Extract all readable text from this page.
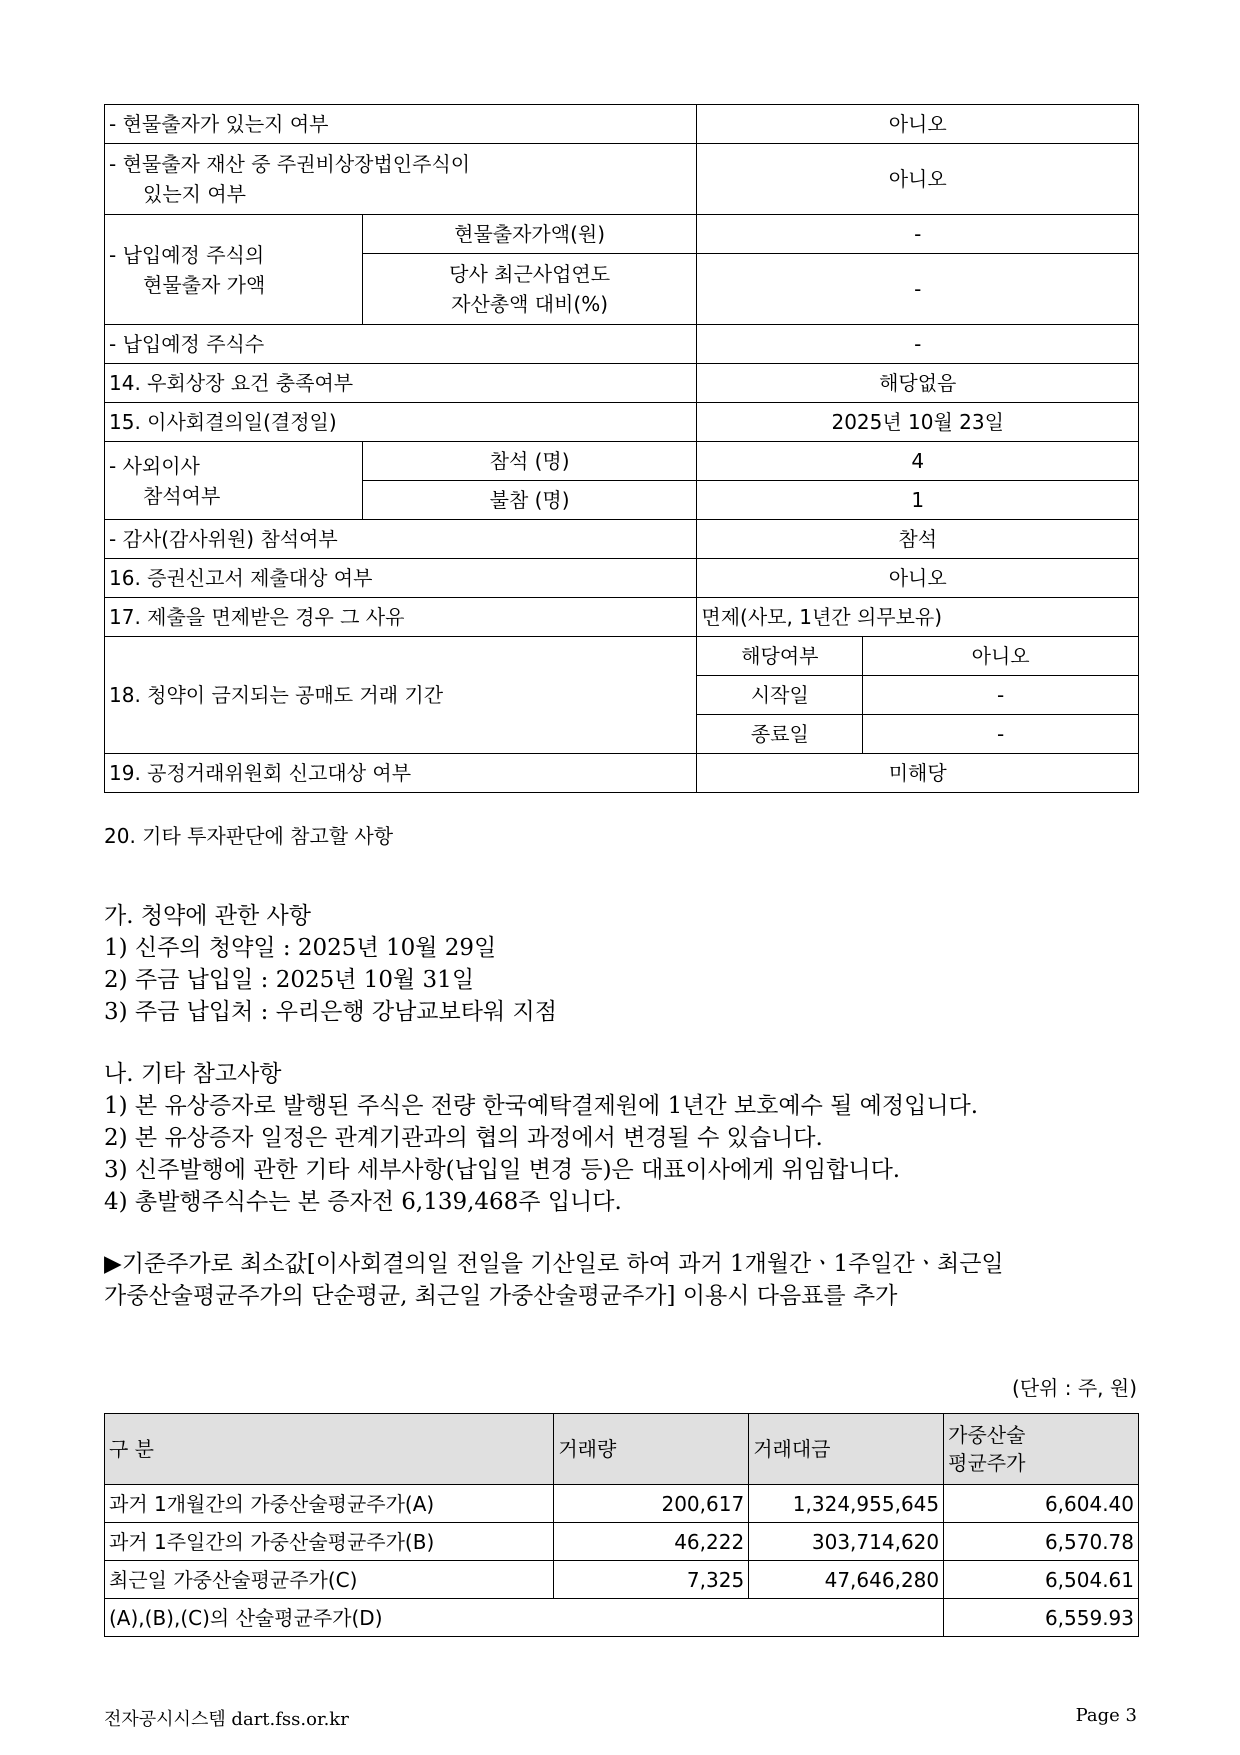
- 현물출자가 있는지 여부		아니오	
- 현물출자 재산 중 주권비상장법인주식이

있는지 여부		아니오	
- 납입예정 주식의

현물출자 가액	현물출자가액(원)	-	
	당사 최근사업연도
자산총액 대비(%)	-	
- 납입예정 주식수		-	
14. 우회상장 요건 충족여부		해당없음	
15. 이사회결의일(결정일)		2025년 10월 23일	
- 사외이사

참석여부	참석 (명)	4	
	불참 (명)	1	
- 감사(감사위원) 참석여부		참석	
16. 증권신고서 제출대상 여부		아니오	
17. 제출을 면제받은 경우 그 사유		면제(사모, 1년간 의무보유)	
18. 청약이 금지되는 공매도 거래 기간		해당여부	아니오
		시작일	-
		종료일	-
19. 공정거래위원회 신고대상 여부		미해당	
20. 기타 투자판단에 참고할 사항

가. 청약에 관한 사항

1) 신주의 청약일 : 2025년 10월 29일

2) 주금 납입일 : 2025년 10월 31일

3) 주금 납입처 : 우리은행 강남교보타워 지점

나. 기타 참고사항

1) 본 유상증자로 발행된 주식은 전량 한국예탁결제원에 1년간 보호예수 될 예정입니다.

2) 본 유상증자 일정은 관계기관과의 협의 과정에서 변경될 수 있습니다.

3) 신주발행에 관한 기타 세부사항(납입일 변경 등)은 대표이사에게 위임합니다.

4) 총발행주식수는 본 증자전 6,139,468주 입니다.

▶기준주가로 최소값[이사회결의일 전일을 기산일로 하여 과거 1개월간ㆍ1주일간ㆍ최근일

가중산술평균주가의 단순평균, 최근일 가중산술평균주가] 이용시 다음표를 추가

(단위 : 주, 원)
구 분	거래량	거래대금	가중산술
평균주가
과거 1개월간의 가중산술평균주가(A)	200,617	1,324,955,645	6,604.40
과거 1주일간의 가중산술평균주가(B)	46,222	303,714,620	6,570.78
최근일 가중산술평균주가(C)	7,325	47,646,280	6,504.61
(A),(B),(C)의 산술평균주가(D)			6,559.93
전자공시시스템 dart.fss.or.kr	Page 3
